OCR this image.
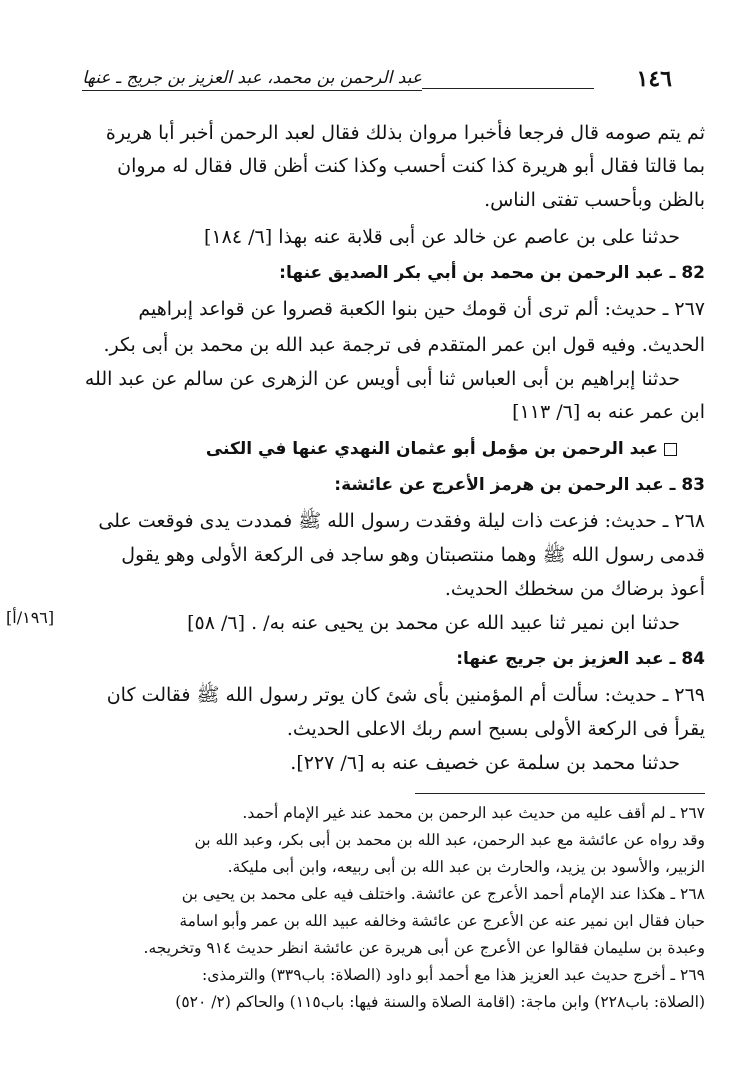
١٤٦
عبد الرحمن بن محمد، عبد العزيز بن جريج ـ عنها
ثم يتم صومه قال فرجعا فأخبرا مروان بذلك فقال لعبد الرحمن أخبر أبا هريرة
بما قالتا فقال أبو هريرة كذا كنت أحسب وكذا كنت أظن قال فقال له مروان
بالظن وبأحسب تفتى الناس.
حدثنا على بن عاصم عن خالد عن أبى قلابة عنه بهذا [٦/ ١٨٤]
82 ـ عبد الرحمن بن محمد بن أبي بكر الصديق عنها:
٢٦٧ ـ حديث: ألم ترى أن قومك حين بنوا الكعبة قصروا عن قواعد إبراهيم
الحديث. وفيه قول ابن عمر المتقدم فى ترجمة عبد الله بن محمد بن أبى بكر.
حدثنا إبراهيم بن أبى العباس ثنا أبى أويس عن الزهرى عن سالم عن عبد الله
ابن عمر عنه به [٦/ ١١٣]
عبد الرحمن بن مؤمل أبو عثمان النهدي عنها في الكنى
83 ـ عبد الرحمن بن هرمز الأعرج عن عائشة:
٢٦٨ ـ حديث: فزعت ذات ليلة وفقدت رسول الله ﷺ فمددت يدى فوقعت على
قدمى رسول الله ﷺ وهما منتصبتان وهو ساجد فى الركعة الأولى وهو يقول
أعوذ برضاك من سخطك الحديث.
حدثنا ابن نمير ثنا عبيد الله عن محمد بن يحيى عنه به/ . [٦/ ٥٨]
[١٩٦/أ]
84 ـ عبد العزيز بن جريج عنها:
٢٦٩ ـ حديث: سألت أم المؤمنين بأى شئ كان يوتر رسول الله ﷺ فقالت كان
يقرأ فى الركعة الأولى بسبح اسم ربك الاعلى الحديث.
حدثنا محمد بن سلمة عن خصيف عنه به [٦/ ٢٢٧].
٢٦٧ ـ لم أقف عليه من حديث عبد الرحمن بن محمد عند غير الإمام أحمد.
وقد رواه عن عائشة مع عبد الرحمن، عبد الله بن محمد بن أبى بكر، وعبد الله بن
الزبير، والأسود بن يزيد، والحارث بن عبد الله بن أبى ربيعه، وابن أبى مليكة.
٢٦٨ ـ هكذا عند الإمام أحمد الأعرج عن عائشة. واختلف فيه على محمد بن يحيى بن
حبان فقال ابن نمير عنه عن الأعرج عن عائشة وخالفه عبيد الله بن عمر وأبو اسامة
وعبدة بن سليمان فقالوا عن الأعرج عن أبى هريرة عن عائشة انظر حديث ٩١٤ وتخريجه.
٢٦٩ ـ أخرج حديث عبد العزيز هذا مع أحمد أبو داود (الصلاة: باب٣٣٩) والترمذى:
(الصلاة: باب٢٢٨) وابن ماجة: (اقامة الصلاة والسنة فيها: باب١١٥) والحاكم (٢/ ٥٢٠)
